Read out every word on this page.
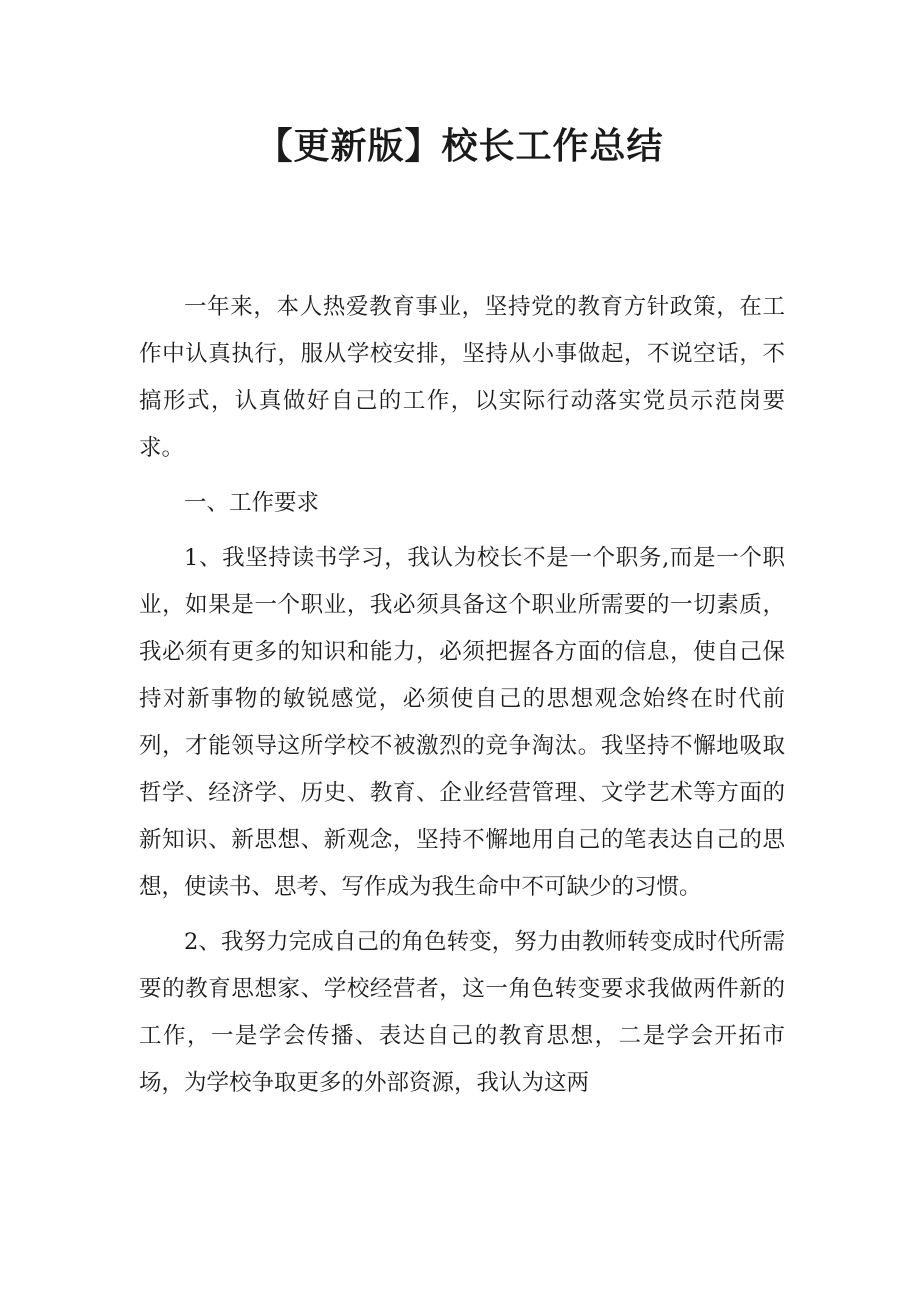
【更新版】校长工作总结

一年来，本人热爱教育事业，坚持党的教育方针政策，在工作中认真执行，服从学校安排，坚持从小事做起，不说空话，不搞形式，认真做好自己的工作，以实际行动落实党员示范岗要求。

一、工作要求

1、我坚持读书学习，我认为校长不是一个职务,而是一个职业，如果是一个职业，我必须具备这个职业所需要的一切素质，我必须有更多的知识和能力，必须把握各方面的信息，使自己保持对新事物的敏锐感觉，必须使自己的思想观念始终在时代前列，才能领导这所学校不被激烈的竞争淘汰。我坚持不懈地吸取哲学、经济学、历史、教育、企业经营管理、文学艺术等方面的新知识、新思想、新观念，坚持不懈地用自己的笔表达自己的思想，使读书、思考、写作成为我生命中不可缺少的习惯。

2、我努力完成自己的角色转变，努力由教师转变成时代所需要的教育思想家、学校经营者，这一角色转变要求我做两件新的工作，一是学会传播、表达自己的教育思想，二是学会开拓市场，为学校争取更多的外部资源，我认为这两
